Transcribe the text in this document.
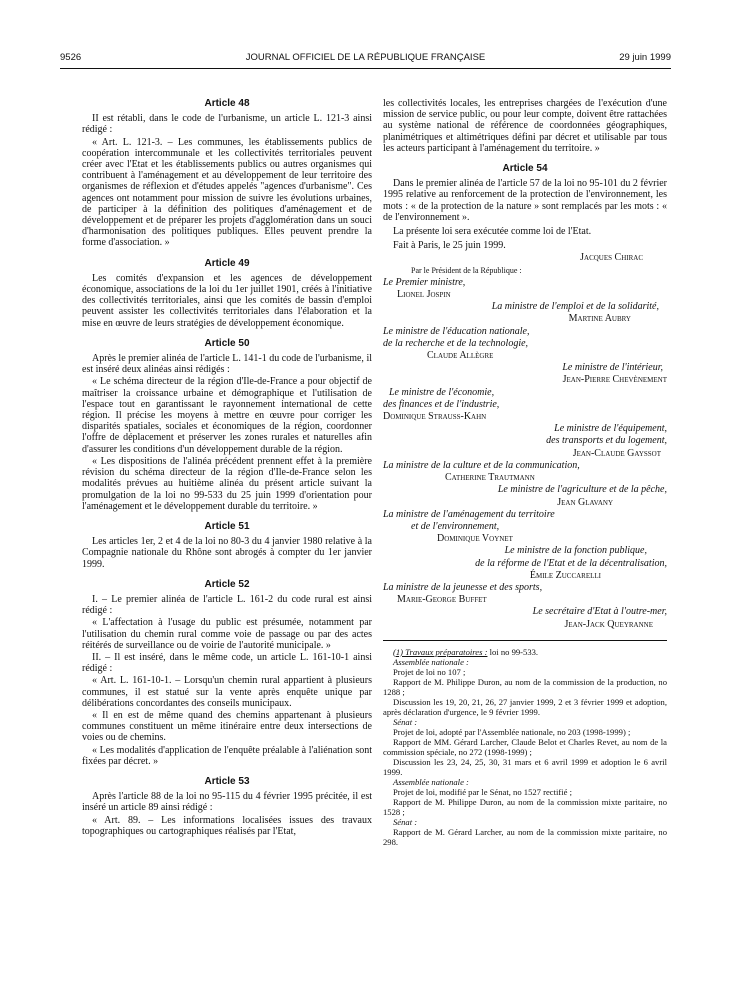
9526	JOURNAL OFFICIEL DE LA RÉPUBLIQUE FRANÇAISE	29 juin 1999
Article 48

II est rétabli, dans le code de l'urbanisme, un article L. 121-3 ainsi rédigé :

« Art. L. 121-3. – Les communes, les établissements publics de coopération intercommunale et les collectivités territoriales peuvent créer avec l'Etat et les établissements publics ou autres organismes qui contribuent à l'aménagement et au développement de leur territoire des organismes de réflexion et d'études appelés "agences d'urbanisme". Ces agences ont notamment pour mission de suivre les évolutions urbaines, de participer à la définition des politiques d'aménagement et de développement et de préparer les projets d'agglomération dans un souci d'harmonisation des politiques publiques. Elles peuvent prendre la forme d'association. »

Article 49

Les comités d'expansion et les agences de développement économique, associations de la loi du 1er juillet 1901, créés à l'initiative des collectivités territoriales, ainsi que les comités de bassin d'emploi peuvent assister les collectivités territoriales dans l'élaboration et la mise en œuvre de leurs stratégies de développement économique.

Article 50

Après le premier alinéa de l'article L. 141-1 du code de l'urbanisme, il est inséré deux alinéas ainsi rédigés :

« Le schéma directeur de la région d'Ile-de-France a pour objectif de maîtriser la croissance urbaine et démographique et l'utilisation de l'espace tout en garantissant le rayonnement international de cette région. Il précise les moyens à mettre en œuvre pour corriger les disparités spatiales, sociales et économiques de la région, coordonner l'offre de déplacement et préserver les zones rurales et naturelles afin d'assurer les conditions d'un développement durable de la région.

« Les dispositions de l'alinéa précédent prennent effet à la première révision du schéma directeur de la région d'Ile-de-France selon les modalités prévues au huitième alinéa du présent article suivant la promulgation de la loi no 99-533 du 25 juin 1999 d'orientation pour l'aménagement et le développement durable du territoire. »

Article 51

Les articles 1er, 2 et 4 de la loi no 80-3 du 4 janvier 1980 relative à la Compagnie nationale du Rhône sont abrogés à compter du 1er janvier 1999.

Article 52

I. – Le premier alinéa de l'article L. 161-2 du code rural est ainsi rédigé :

« L'affectation à l'usage du public est présumée, notamment par l'utilisation du chemin rural comme voie de passage ou par des actes réitérés de surveillance ou de voirie de l'autorité municipale. »

II. – Il est inséré, dans le même code, un article L. 161-10-1 ainsi rédigé :

« Art. L. 161-10-1. – Lorsqu'un chemin rural appartient à plusieurs communes, il est statué sur la vente après enquête unique par délibérations concordantes des conseils municipaux.

« Il en est de même quand des chemins appartenant à plusieurs communes constituent un même itinéraire entre deux intersections de voies ou de chemins.

« Les modalités d'application de l'enquête préalable à l'aliénation sont fixées par décret. »

Article 53

Après l'article 88 de la loi no 95-115 du 4 février 1995 précitée, il est inséré un article 89 ainsi rédigé :

« Art. 89. – Les informations localisées issues des travaux topographiques ou cartographiques réalisés par l'Etat,

les collectivités locales, les entreprises chargées de l'exécution d'une mission de service public, ou pour leur compte, doivent être rattachées au système national de référence de coordonnées géographiques, planimétriques et altimétriques défini par décret et utilisable par tous les acteurs participant à l'aménagement du territoire. »

Article 54

Dans le premier alinéa de l'article 57 de la loi no 95-101 du 2 février 1995 relative au renforcement de la protection de l'environnement, les mots : « de la protection de la nature » sont remplacés par les mots : « de l'environnement ».

La présente loi sera exécutée comme loi de l'Etat.

Fait à Paris, le 25 juin 1999.

Jacques Chirac
Par le Président de la République :
Le Premier ministre,
Lionel Jospin
La ministre de l'emploi et de la solidarité,
Martine Aubry
Le ministre de l'éducation nationale,
de la recherche et de la technologie,
Claude Allègre
Le ministre de l'intérieur,
Jean-Pierre Chevènement
Le ministre de l'économie,
des finances et de l'industrie,
Dominique Strauss-Kahn
Le ministre de l'équipement,
des transports et du logement,
Jean-Claude Gayssot
La ministre de la culture et de la communication,
Catherine Trautmann
Le ministre de l'agriculture et de la pêche,
Jean Glavany
La ministre de l'aménagement du territoire
et de l'environnement,
Dominique Voynet
Le ministre de la fonction publique,
de la réforme de l'Etat et de la décentralisation,
Émile Zuccarelli
La ministre de la jeunesse et des sports,
Marie-George Buffet
Le secrétaire d'Etat à l'outre-mer,
Jean-Jack Queyranne

(1) Travaux préparatoires : loi no 99-533.

Assemblée nationale :

Projet de loi no 107 ;

Rapport de M. Philippe Duron, au nom de la commission de la production, no 1288 ;

Discussion les 19, 20, 21, 26, 27 janvier 1999, 2 et 3 février 1999 et adoption, après déclaration d'urgence, le 9 février 1999.

Sénat :

Projet de loi, adopté par l'Assemblée nationale, no 203 (1998-1999) ;

Rapport de MM. Gérard Larcher, Claude Belot et Charles Revet, au nom de la commission spéciale, no 272 (1998-1999) ;

Discussion les 23, 24, 25, 30, 31 mars et 6 avril 1999 et adoption le 6 avril 1999.

Assemblée nationale :

Projet de loi, modifié par le Sénat, no 1527 rectifié ;

Rapport de M. Philippe Duron, au nom de la commission mixte paritaire, no 1528 ;

Sénat :

Rapport de M. Gérard Larcher, au nom de la commission mixte paritaire, no 298.
